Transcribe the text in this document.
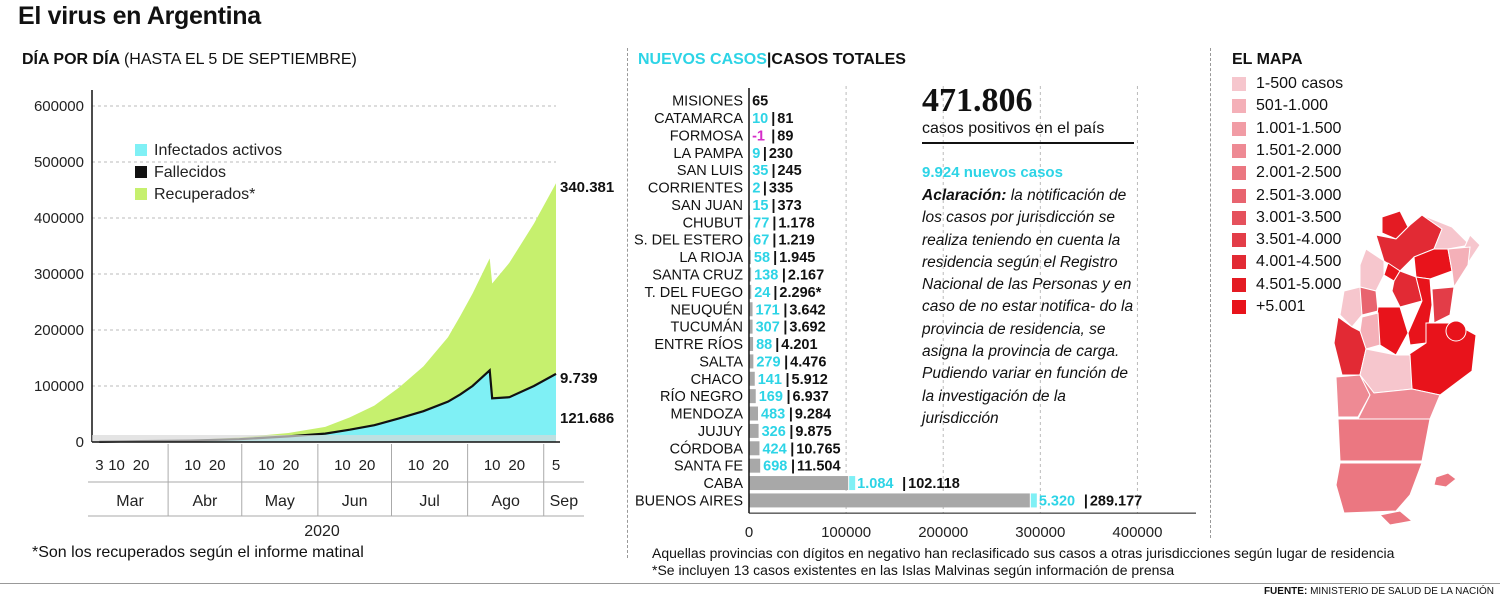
El virus en Argentina
DÍA POR DÍA (HASTA EL 5 DE SEPTIEMBRE)
600000
500000
400000
300000
200000
100000
0
Infectados activos
Fallecidos
Recuperados*	340.381
9.739
121.686
3 10 20 10 20 10 20 10 20 10 20 10 20 5
Mar	Abr	May	Jun	Jul	Ago Sep
2020
*Son los recuperados según el informe matinal
NUEVOS CASOS|CASOS TOTALES
MISIONES 65
CATAMARCA 10 | 81
FORMOSA -1 | 89
LA PAMPA 9 | 230
SAN LUIS 35 | 245
CORRIENTES 2 | 335
SAN JUAN 15 | 373
CHUBUT 77 | 1.178
S. DEL ESTERO 67 | 1.219
LA RIOJA 58 | 1.945
SANTA CRUZ 138 | 2.167
T. DEL FUEGO 24 | 2.296*
NEUQUÉN 171 | 3.642
TUCUMÁN 307 | 3.692
ENTRE RÍOS 88 | 4.201
SALTA 279 | 4.476
CHACO 141 | 5.912
RÍO NEGRO 169 | 6.937
MENDOZA 483 | 9.284
JUJUY 326 | 9.875
CÓRDOBA 424 | 10.765
SANTA FE 698 | 11.504
CABA	1.084 | 102.118
BUENOS AIRES	5.320 | 289.177
0	100000	200000	300000	400000
471.806
casos positivos en el país
9.924 nuevos casos
Aclaración: la notificación de los casos por jurisdicción se realiza teniendo en cuenta la residencia según el Registro Nacional de las Personas y en caso de no estar notifica- do la provincia de residencia, se asigna la provincia de carga. Pudiendo variar en función de la investigación de la jurisdicción
Aquellas provincias con dígitos en negativo han reclasificado sus casos a otras jurisdicciones según lugar de residencia
*Se incluyen 13 casos existentes en las Islas Malvinas según información de prensa
EL MAPA
1-500 casos
501-1.000
1.001-1.500
1.501-2.000
2.001-2.500
2.501-3.000
3.001-3.500
3.501-4.000
4.001-4.500
4.501-5.000
+5.001
FUENTE: MINISTERIO DE SALUD DE LA NACIÓN
